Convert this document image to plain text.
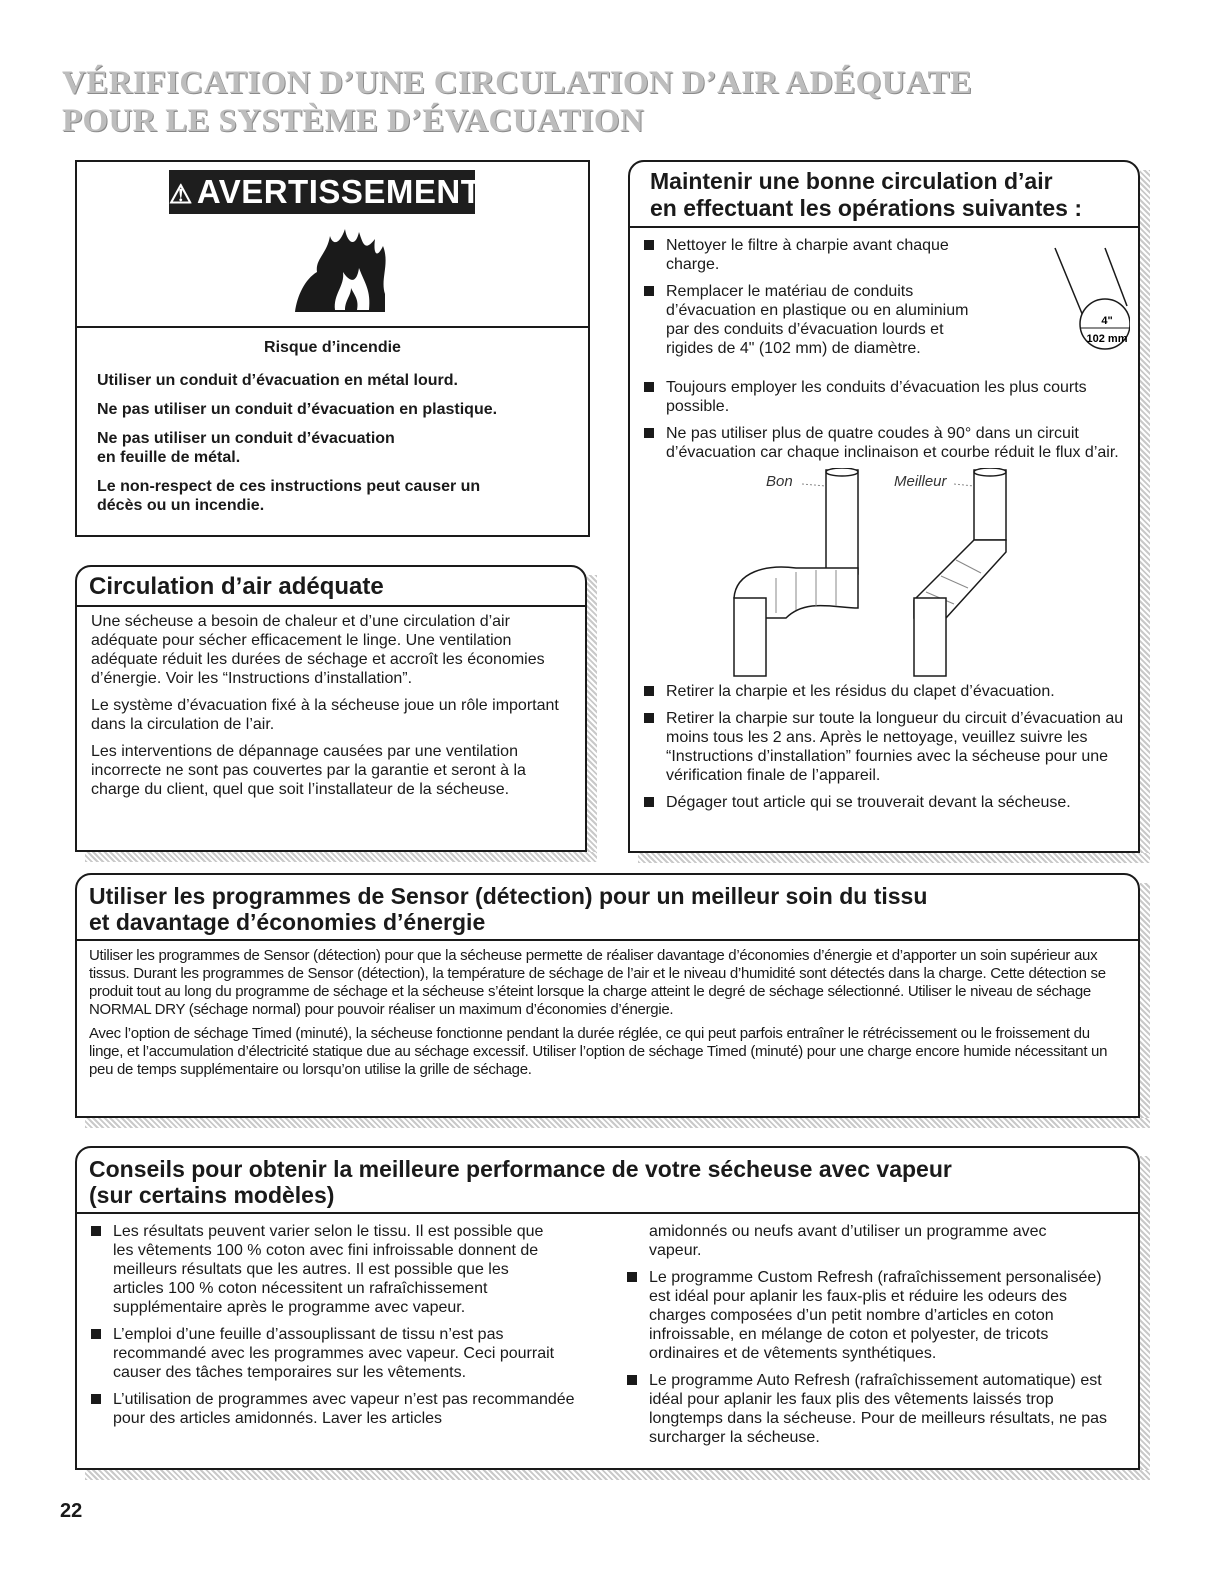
VÉRIFICATION D’UNE CIRCULATION D’AIR ADÉQUATE
POUR LE SYSTÈME D’ÉVACUATION
⚠ AVERTISSEMENT
Risque d’incendie

Utiliser un conduit d’évacuation en métal lourd.

Ne pas utiliser un conduit d’évacuation en plastique.

Ne pas utiliser un conduit d’évacuation en feuille de métal.

Le non-respect de ces instructions peut causer un décès ou un incendie.

Circulation d’air adéquate

Une sécheuse a besoin de chaleur et d’une circulation d’air adéquate pour sécher efficacement le linge. Une ventilation adéquate réduit les durées de séchage et accroît les économies d’énergie. Voir les “Instructions d’installation”.

Le système d’évacuation fixé à la sécheuse joue un rôle important dans la circulation de l’air.

Les interventions de dépannage causées par une ventilation incorrecte ne sont pas couvertes par la garantie et seront à la charge du client, quel que soit l’installateur de la sécheuse.

Maintenir une bonne circulation d’air
en effectuant les opérations suivantes :
Nettoyer le filtre à charpie avant chaque charge.
Remplacer le matériau de conduits d’évacuation en plastique ou en aluminium par des conduits d’évacuation lourds et rigides de 4" (102 mm) de diamètre.
Toujours employer les conduits d’évacuation les plus courts possible.
Ne pas utiliser plus de quatre coudes à 90° dans un circuit d’évacuation car chaque inclinaison et courbe réduit le flux d’air.
4"
102 mm
Bon	Meilleur
Retirer la charpie et les résidus du clapet d’évacuation.
Retirer la charpie sur toute la longueur du circuit d’évacuation au moins tous les 2 ans. Après le nettoyage, veuillez suivre les “Instructions d’installation” fournies avec la sécheuse pour une vérification finale de l’appareil.
Dégager tout article qui se trouverait devant la sécheuse.
Utiliser les programmes de Sensor (détection) pour un meilleur soin du tissu
et davantage d’économies d’énergie

Utiliser les programmes de Sensor (détection) pour que la sécheuse permette de réaliser davantage d’économies d’énergie et d’apporter un soin supérieur aux tissus. Durant les programmes de Sensor (détection), la température de séchage de l’air et le niveau d’humidité sont détectés dans la charge. Cette détection se produit tout au long du programme de séchage et la sécheuse s’éteint lorsque la charge atteint le degré de séchage sélectionné. Utiliser le niveau de séchage NORMAL DRY (séchage normal) pour pouvoir réaliser un maximum d’économies d’énergie.

Avec l’option de séchage Timed (minuté), la sécheuse fonctionne pendant la durée réglée, ce qui peut parfois entraîner le rétrécissement ou le froissement du linge, et l’accumulation d’électricité statique due au séchage excessif. Utiliser l’option de séchage Timed (minuté) pour une charge encore humide nécessitant un peu de temps supplémentaire ou lorsqu’on utilise la grille de séchage.

Conseils pour obtenir la meilleure performance de votre sécheuse avec vapeur
(sur certains modèles)
Les résultats peuvent varier selon le tissu. Il est possible que les vêtements 100 % coton avec fini infroissable donnent de meilleurs résultats que les autres. Il est possible que les articles 100 % coton nécessitent un rafraîchissement supplémentaire après le programme avec vapeur.
L’emploi d’une feuille d’assouplissant de tissu n’est pas recommandé avec les programmes avec vapeur. Ceci pourrait causer des tâches temporaires sur les vêtements.
L’utilisation de programmes avec vapeur n’est pas recommandée pour des articles amidonnés. Laver les articles
amidonnés ou neufs avant d’utiliser un programme avec vapeur.
Le programme Custom Refresh (rafraîchissement personalisée) est idéal pour aplanir les faux-plis et réduire les odeurs des charges composées d’un petit nombre d’articles en coton infroissable, en mélange de coton et polyester, de tricots ordinaires et de vêtements synthétiques.
Le programme Auto Refresh (rafraîchissement automatique) est idéal pour aplanir les faux plis des vêtements laissés trop longtemps dans la sécheuse. Pour de meilleurs résultats, ne pas surcharger la sécheuse.
22
